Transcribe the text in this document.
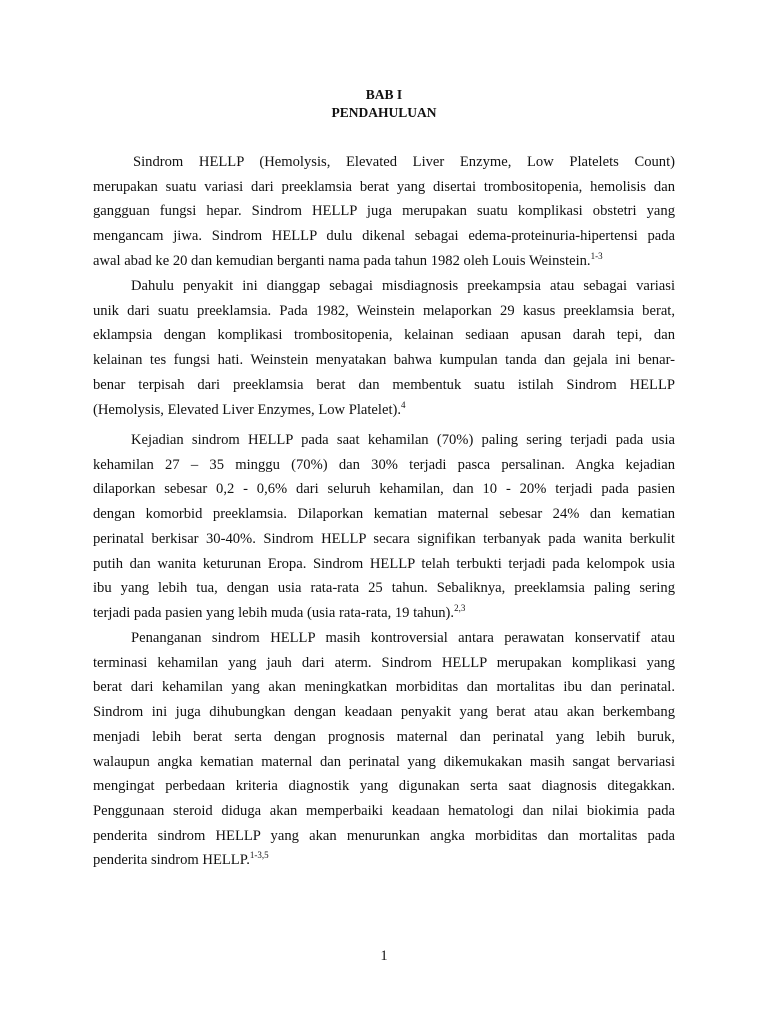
BAB I
PENDAHULUAN
Sindrom HELLP (Hemolysis, Elevated Liver Enzyme, Low Platelets Count)
merupakan suatu variasi dari preeklamsia berat yang disertai trombositopenia, hemolisis dan
gangguan fungsi hepar. Sindrom HELLP juga merupakan suatu komplikasi obstetri yang
mengancam jiwa. Sindrom HELLP dulu dikenal sebagai edema-proteinuria-hipertensi pada
awal abad ke 20 dan kemudian berganti nama pada tahun 1982 oleh Louis Weinstein.$^{1-3}$
Dahulu penyakit ini dianggap sebagai misdiagnosis preekampsia atau sebagai variasi
unik dari suatu preeklamsia. Pada 1982, Weinstein melaporkan 29 kasus preeklamsia berat,
eklampsia dengan komplikasi trombositopenia, kelainan sediaan apusan darah tepi, dan
kelainan tes fungsi hati. Weinstein menyatakan bahwa kumpulan tanda dan gejala ini benar-
benar terpisah dari preeklamsia berat dan membentuk suatu istilah Sindrom HELLP
(Hemolysis, Elevated Liver Enzymes, Low Platelet).$^4$
Kejadian sindrom HELLP pada saat kehamilan (70%) paling sering terjadi pada usia
kehamilan 27 – 35 minggu (70%) dan 30% terjadi pasca persalinan. Angka kejadian
dilaporkan sebesar 0,2 - 0,6% dari seluruh kehamilan, dan 10 - 20% terjadi pada pasien
dengan komorbid preeklamsia. Dilaporkan kematian maternal sebesar 24% dan kematian
perinatal berkisar 30-40%. Sindrom HELLP secara signifikan terbanyak pada wanita berkulit
putih dan wanita keturunan Eropa. Sindrom HELLP telah terbukti terjadi pada kelompok usia
ibu yang lebih tua, dengan usia rata-rata 25 tahun. Sebaliknya, preeklamsia paling sering
terjadi pada pasien yang lebih muda (usia rata-rata, 19 tahun).$^{2,3}$
Penanganan sindrom HELLP masih kontroversial antara perawatan konservatif atau
terminasi kehamilan yang jauh dari aterm. Sindrom HELLP merupakan komplikasi yang
berat dari kehamilan yang akan meningkatkan morbiditas dan mortalitas ibu dan perinatal.
Sindrom ini juga dihubungkan dengan keadaan penyakit yang berat atau akan berkembang
menjadi lebih berat serta dengan prognosis maternal dan perinatal yang lebih buruk,
walaupun angka kematian maternal dan perinatal yang dikemukakan masih sangat bervariasi
mengingat perbedaan kriteria diagnostik yang digunakan serta saat diagnosis ditegakkan.
Penggunaan steroid diduga akan memperbaiki keadaan hematologi dan nilai biokimia pada
penderita sindrom HELLP yang akan menurunkan angka morbiditas dan mortalitas pada
penderita sindrom HELLP.$^{1-3,5}$
1
